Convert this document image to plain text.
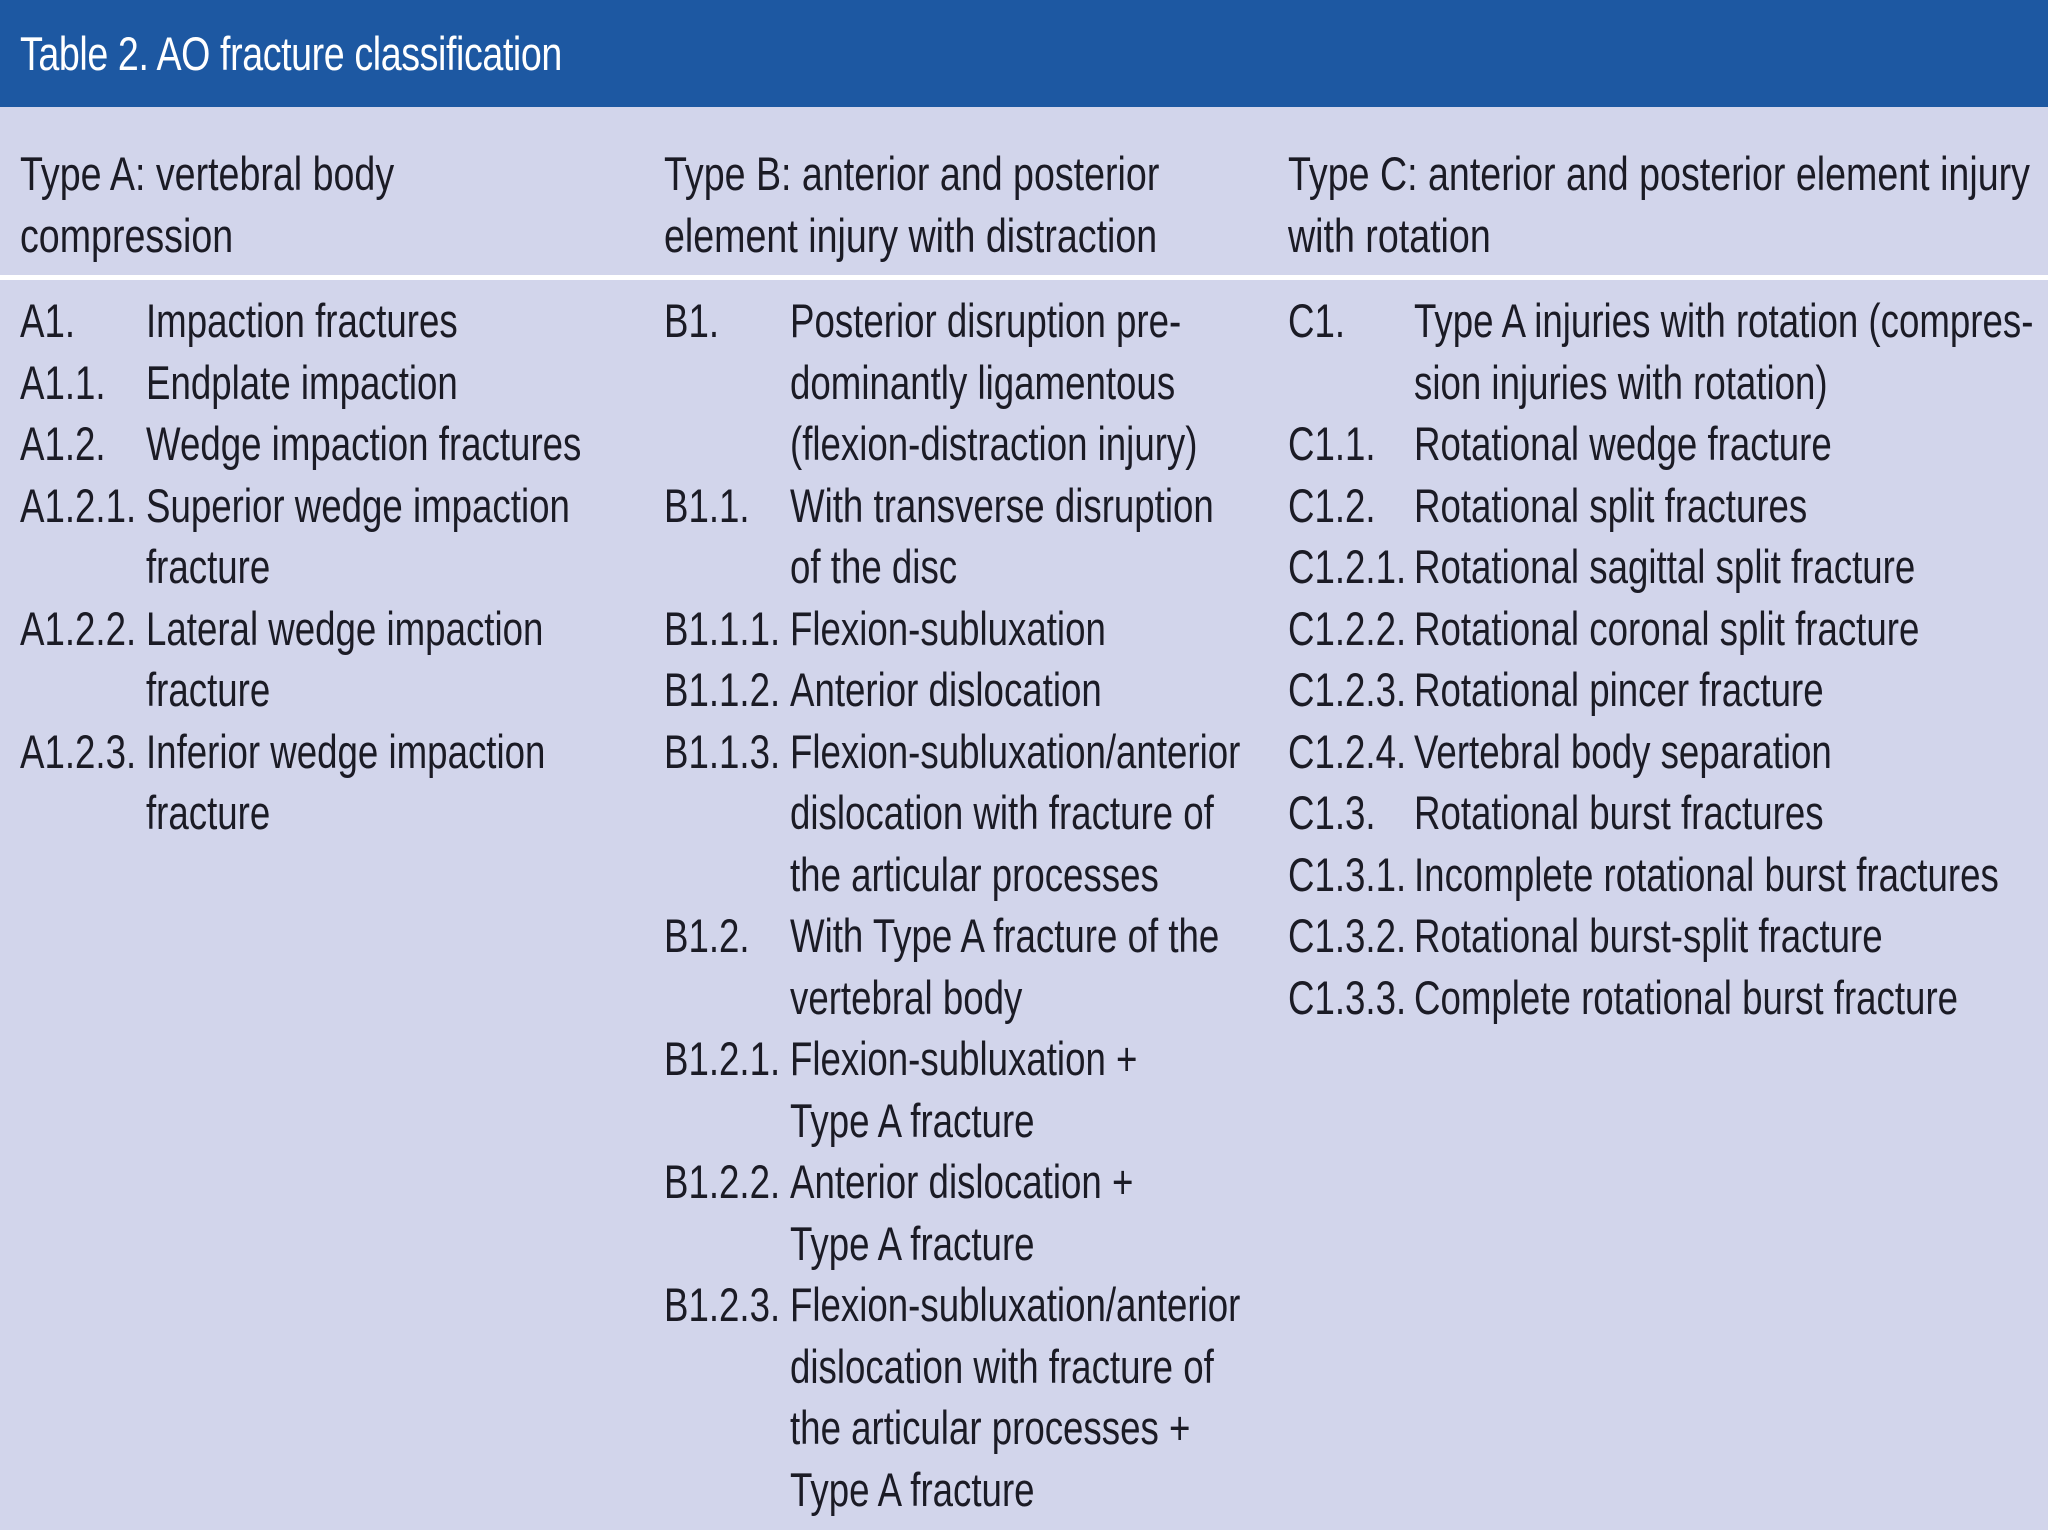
Table 2. AO fracture classification
Type A: vertebral body
compression
Type B: anterior and posterior
element injury with distraction
Type C: anterior and posterior element injury
with rotation
A1. Impaction fractures
A1.1. Endplate impaction
A1.2. Wedge impaction fractures
A1.2.1. Superior wedge impaction
fracture
A1.2.2. Lateral wedge impaction
fracture
A1.2.3. Inferior wedge impaction
fracture
B1. Posterior disruption pre-
dominantly ligamentous
(flexion-distraction injury)
B1.1. With transverse disruption
of the disc
B1.1.1. Flexion-subluxation
B1.1.2. Anterior dislocation
B1.1.3. Flexion-subluxation/anterior
dislocation with fracture of
the articular processes
B1.2. With Type A fracture of the
vertebral body
B1.2.1. Flexion-subluxation +
Type A fracture
B1.2.2. Anterior dislocation +
Type A fracture
B1.2.3. Flexion-subluxation/anterior
dislocation with fracture of
the articular processes +
Type A fracture
C1. Type A injuries with rotation (compres-
sion injuries with rotation)
C1.1. Rotational wedge fracture
C1.2. Rotational split fractures
C1.2.1. Rotational sagittal split fracture
C1.2.2. Rotational coronal split fracture
C1.2.3. Rotational pincer fracture
C1.2.4. Vertebral body separation
C1.3. Rotational burst fractures
C1.3.1. Incomplete rotational burst fractures
C1.3.2. Rotational burst-split fracture
C1.3.3. Complete rotational burst fracture
